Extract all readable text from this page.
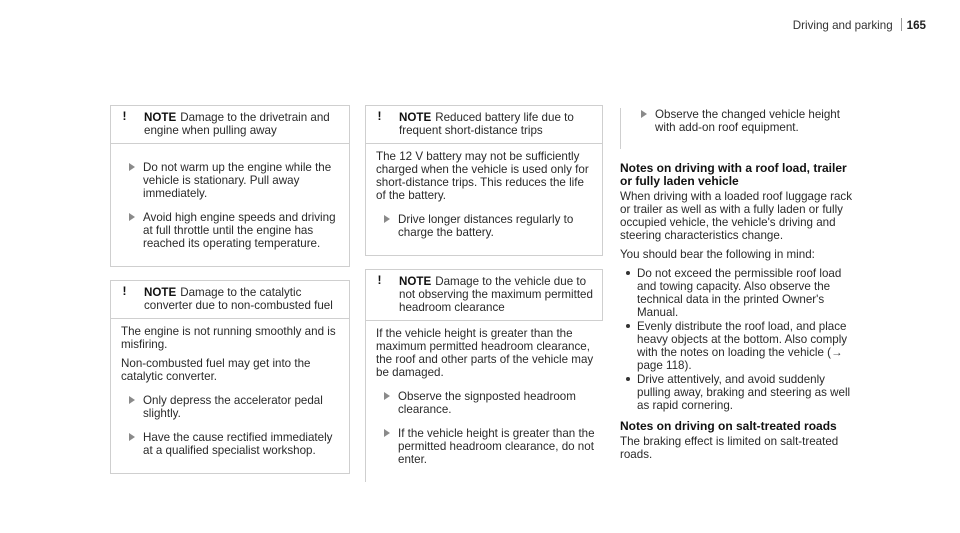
Driving and parking 165
! NOTE Damage to the drivetrain and engine when pulling away
Do not warm up the engine while the vehicle is stationary. Pull away immediately.
Avoid high engine speeds and driving at full throttle until the engine has reached its operating temperature.
! NOTE Damage to the catalytic converter due to non-combusted fuel

The engine is not running smoothly and is misfiring.

Non-combusted fuel may get into the catalytic converter.

Only depress the accelerator pedal slightly.
Have the cause rectified immediately at a qualified specialist workshop.
! NOTE Reduced battery life due to frequent short-distance trips

The 12 V battery may not be sufficiently charged when the vehicle is used only for short-distance trips. This reduces the life of the battery.

Drive longer distances regularly to charge the battery.
! NOTE Damage to the vehicle due to not observing the maximum permitted headroom clearance

If the vehicle height is greater than the maximum permitted headroom clearance, the roof and other parts of the vehicle may be damaged.

Observe the signposted headroom clearance.
If the vehicle height is greater than the permitted headroom clearance, do not enter.
Observe the changed vehicle height with add-on roof equipment.
Notes on driving with a roof load, trailer or fully laden vehicle

When driving with a loaded roof luggage rack or trailer as well as with a fully laden or fully occupied vehicle, the vehicle's driving and steering characteristics change.

You should bear the following in mind:

Do not exceed the permissible roof load and towing capacity. Also observe the technical data in the printed Owner's Manual.
Evenly distribute the roof load, and place heavy objects at the bottom. Also comply with the notes on loading the vehicle (→ page 118).
Drive attentively, and avoid suddenly pulling away, braking and steering as well as rapid cornering.
Notes on driving on salt-treated roads

The braking effect is limited on salt-treated roads.
